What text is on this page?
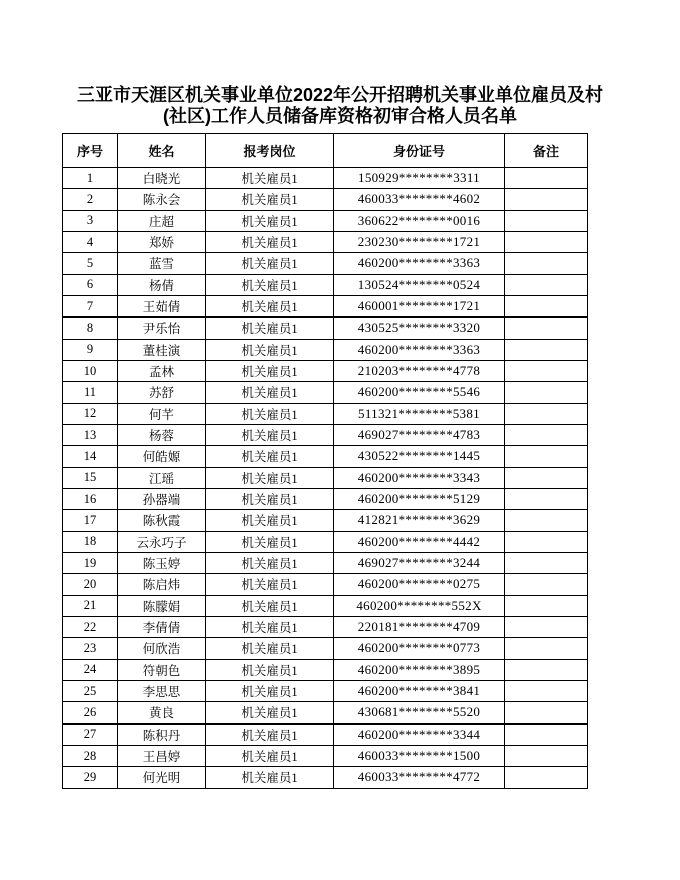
三亚市天涯区机关事业单位2022年公开招聘机关事业单位雇员及村
(社区)工作人员储备库资格初审合格人员名单
序号	姓名	报考岗位	身份证号	备注
1	白晓光	机关雇员1	150929********3311	
2	陈永会	机关雇员1	460033********4602	
3	庄超	机关雇员1	360622********0016	
4	郑娇	机关雇员1	230230********1721	
5	蓝雪	机关雇员1	460200********3363	
6	杨倩	机关雇员1	130524********0524	
7	王茹倩	机关雇员1	460001********1721	
8	尹乐怡	机关雇员1	430525********3320	
9	董桂演	机关雇员1	460200********3363	
10	孟林	机关雇员1	210203********4778	
11	苏舒	机关雇员1	460200********5546	
12	何芊	机关雇员1	511321********5381	
13	杨蓉	机关雇员1	469027********4783	
14	何皓嫄	机关雇员1	430522********1445	
15	江瑶	机关雇员1	460200********3343	
16	孙器端	机关雇员1	460200********5129	
17	陈秋霞	机关雇员1	412821********3629	
18	云永巧子	机关雇员1	460200********4442	
19	陈玉婷	机关雇员1	469027********3244	
20	陈启炜	机关雇员1	460200********0275	
21	陈朦娟	机关雇员1	460200********552X	
22	李倩倩	机关雇员1	220181********4709	
23	何欣浩	机关雇员1	460200********0773	
24	符朝色	机关雇员1	460200********3895	
25	李思思	机关雇员1	460200********3841	
26	黄良	机关雇员1	430681********5520	
27	陈积丹	机关雇员1	460200********3344	
28	王昌婷	机关雇员1	460033********1500	
29	何光明	机关雇员1	460033********4772	
